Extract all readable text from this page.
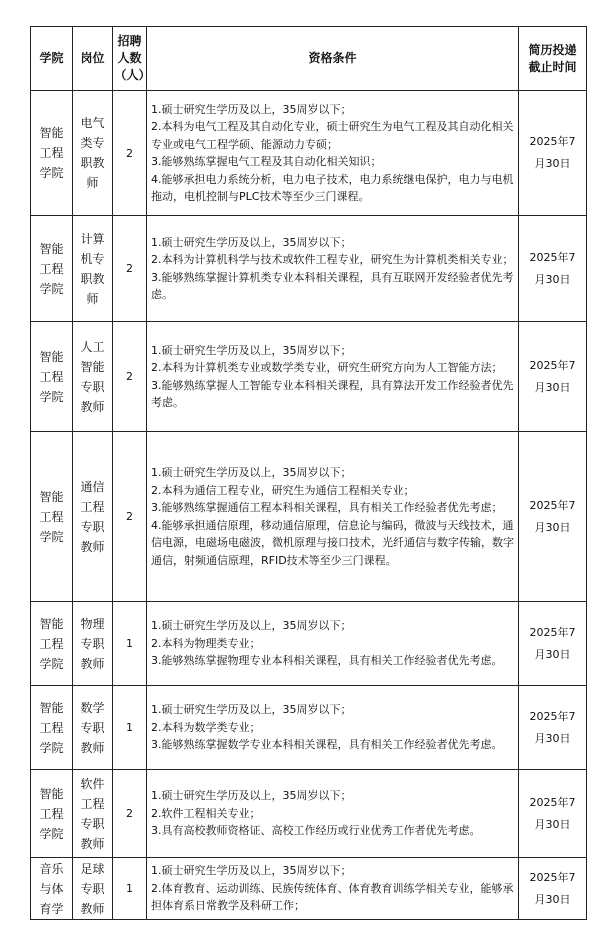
学院	岗位	招聘人数（人）	资格条件	简历投递截止时间
智能工程学院	电气类专职教师	2	1.硕士研究生学历及以上，35周岁以下；
2.本科为电气工程及其自动化专业，硕士研究生为电气工程及其自动化相关专业或电气工程学硕、能源动力专硕；
3.能够熟练掌握电气工程及其自动化相关知识；
4.能够承担电力系统分析，电力电子技术，电力系统继电保护，电力与电机拖动，电机控制与PLC技术等至少三门课程。	2025年7月30日
智能工程学院	计算机专职教师	2	1.硕士研究生学历及以上，35周岁以下；
2.本科为计算机科学与技术或软件工程专业，研究生为计算机类相关专业；
3.能够熟练掌握计算机类专业本科相关课程，具有互联网开发经验者优先考虑。	2025年7月30日
智能工程学院	人工智能专职教师	2	1.硕士研究生学历及以上，35周岁以下；
2.本科为计算机类专业或数学类专业，研究生研究方向为人工智能方法；
3.能够熟练掌握人工智能专业本科相关课程，具有算法开发工作经验者优先考虑。	2025年7月30日
智能工程学院	通信工程专职教师	2	1.硕士研究生学历及以上，35周岁以下；
2.本科为通信工程专业，研究生为通信工程相关专业；
3.能够熟练掌握通信工程本科相关课程，具有相关工作经验者优先考虑；
4.能够承担通信原理，移动通信原理，信息论与编码，微波与天线技术，通信电源，电磁场电磁波，微机原理与接口技术，光纤通信与数字传输，数字通信，射频通信原理，RFID技术等至少三门课程。	2025年7月30日
智能工程学院	物理专职教师	1	1.硕士研究生学历及以上，35周岁以下；
2.本科为物理类专业；
3.能够熟练掌握物理专业本科相关课程，具有相关工作经验者优先考虑。	2025年7月30日
智能工程学院	数学专职教师	1	1.硕士研究生学历及以上，35周岁以下；
2.本科为数学类专业；
3.能够熟练掌握数学专业本科相关课程，具有相关工作经验者优先考虑。	2025年7月30日
智能工程学院	软件工程专职教师	2	1.硕士研究生学历及以上，35周岁以下；
2.软件工程相关专业；
3.具有高校教师资格证、高校工作经历或行业优秀工作者优先考虑。	2025年7月30日
音乐与体育学	足球专职教师	1	1.硕士研究生学历及以上，35周岁以下；
2.体育教育、运动训练、民族传统体育、体育教育训练学相关专业，能够承担体育系日常教学及科研工作；	2025年7月30日
